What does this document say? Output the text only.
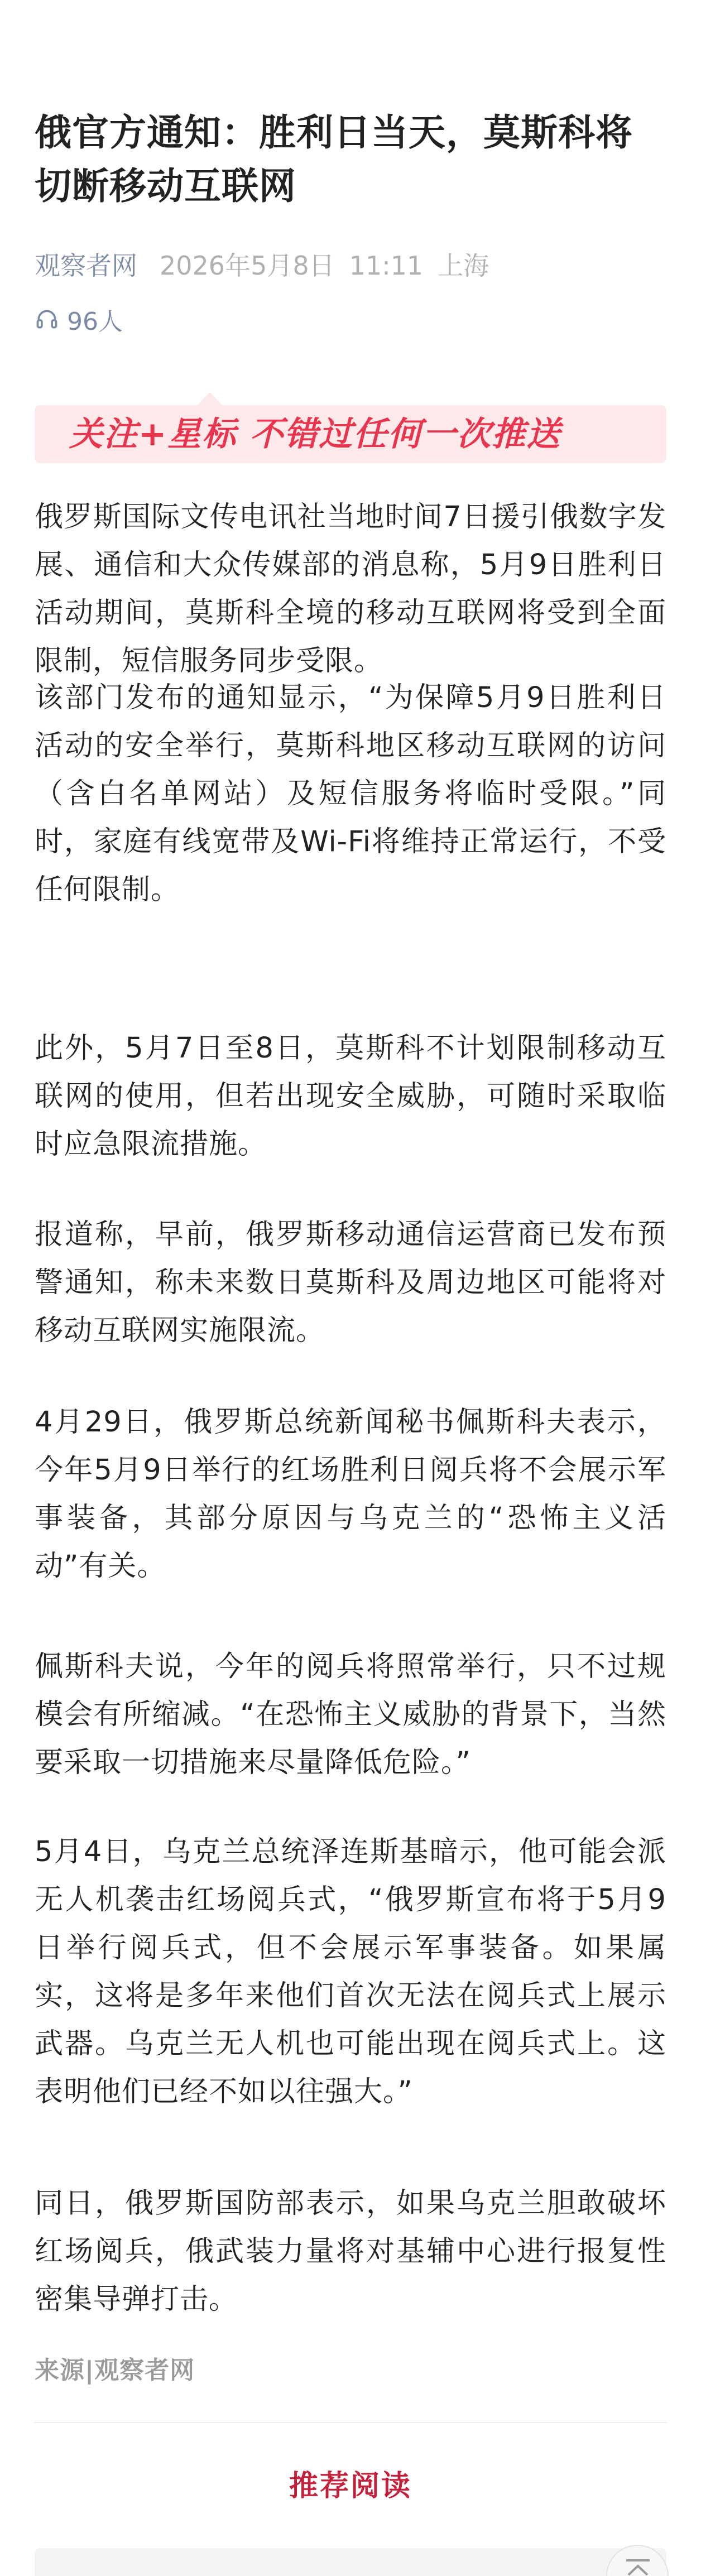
俄官方通知：胜利日当天，莫斯科将切断移动互联网
观察者网 2026年5月8日 11:11 上海
96人
关注+星标 不错过任何一次推送

俄罗斯国际文传电讯社当地时间7日援引俄数字发展、通信和大众传媒部的消息称，5月9日胜利日活动期间，莫斯科全境的移动互联网将受到全面限制，短信服务同步受限。

该部门发布的通知显示，“为保障5月9日胜利日活动的安全举行，莫斯科地区移动互联网的访问（含白名单网站）及短信服务将临时受限。”同时，家庭有线宽带及Wi-Fi将维持正常运行，不受任何限制。

此外，5月7日至8日，莫斯科不计划限制移动互联网的使用，但若出现安全威胁，可随时采取临时应急限流措施。

报道称，早前，俄罗斯移动通信运营商已发布预警通知，称未来数日莫斯科及周边地区可能将对移动互联网实施限流。

4月29日，俄罗斯总统新闻秘书佩斯科夫表示，今年5月9日举行的红场胜利日阅兵将不会展示军事装备，其部分原因与乌克兰的“恐怖主义活动”有关。

佩斯科夫说，今年的阅兵将照常举行，只不过规模会有所缩减。“在恐怖主义威胁的背景下，当然要采取一切措施来尽量降低危险。”

5月4日，乌克兰总统泽连斯基暗示，他可能会派无人机袭击红场阅兵式，“俄罗斯宣布将于5月9日举行阅兵式，但不会展示军事装备。如果属实，这将是多年来他们首次无法在阅兵式上展示武器。乌克兰无人机也可能出现在阅兵式上。这表明他们已经不如以往强大。”

同日，俄罗斯国防部表示，如果乌克兰胆敢破坏红场阅兵，俄武装力量将对基辅中心进行报复性密集导弹打击。

来源|观察者网
推荐阅读
